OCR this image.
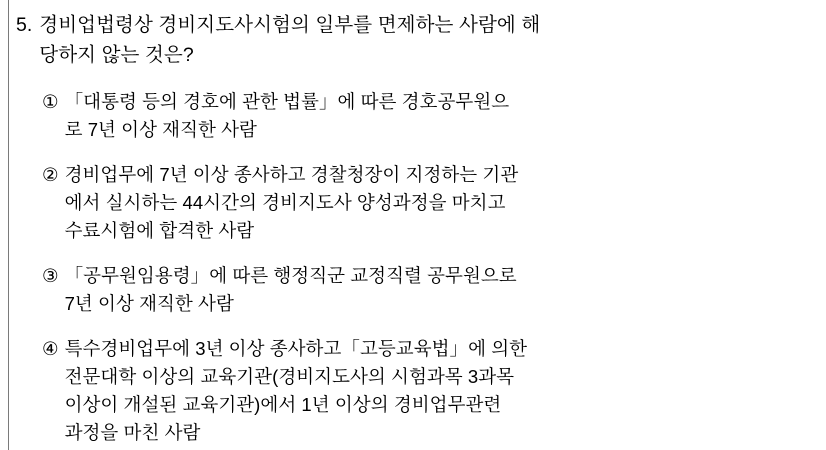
5. 경비업법령상 경비지도사시험의 일부를 면제하는 사람에 해
당하지 않는 것은?
① 「대통령 등의 경호에 관한 법률」에 따른 경호공무원으
로 7년 이상 재직한 사람
② 경비업무에 7년 이상 종사하고 경찰청장이 지정하는 기관
에서 실시하는 44시간의 경비지도사 양성과정을 마치고
수료시험에 합격한 사람
③ 「공무원임용령」에 따른 행정직군 교정직렬 공무원으로
7년 이상 재직한 사람
④ 특수경비업무에 3년 이상 종사하고「고등교육법」에 의한
전문대학 이상의 교육기관(경비지도사의 시험과목 3과목
이상이 개설된 교육기관)에서 1년 이상의 경비업무관련
과정을 마친 사람
